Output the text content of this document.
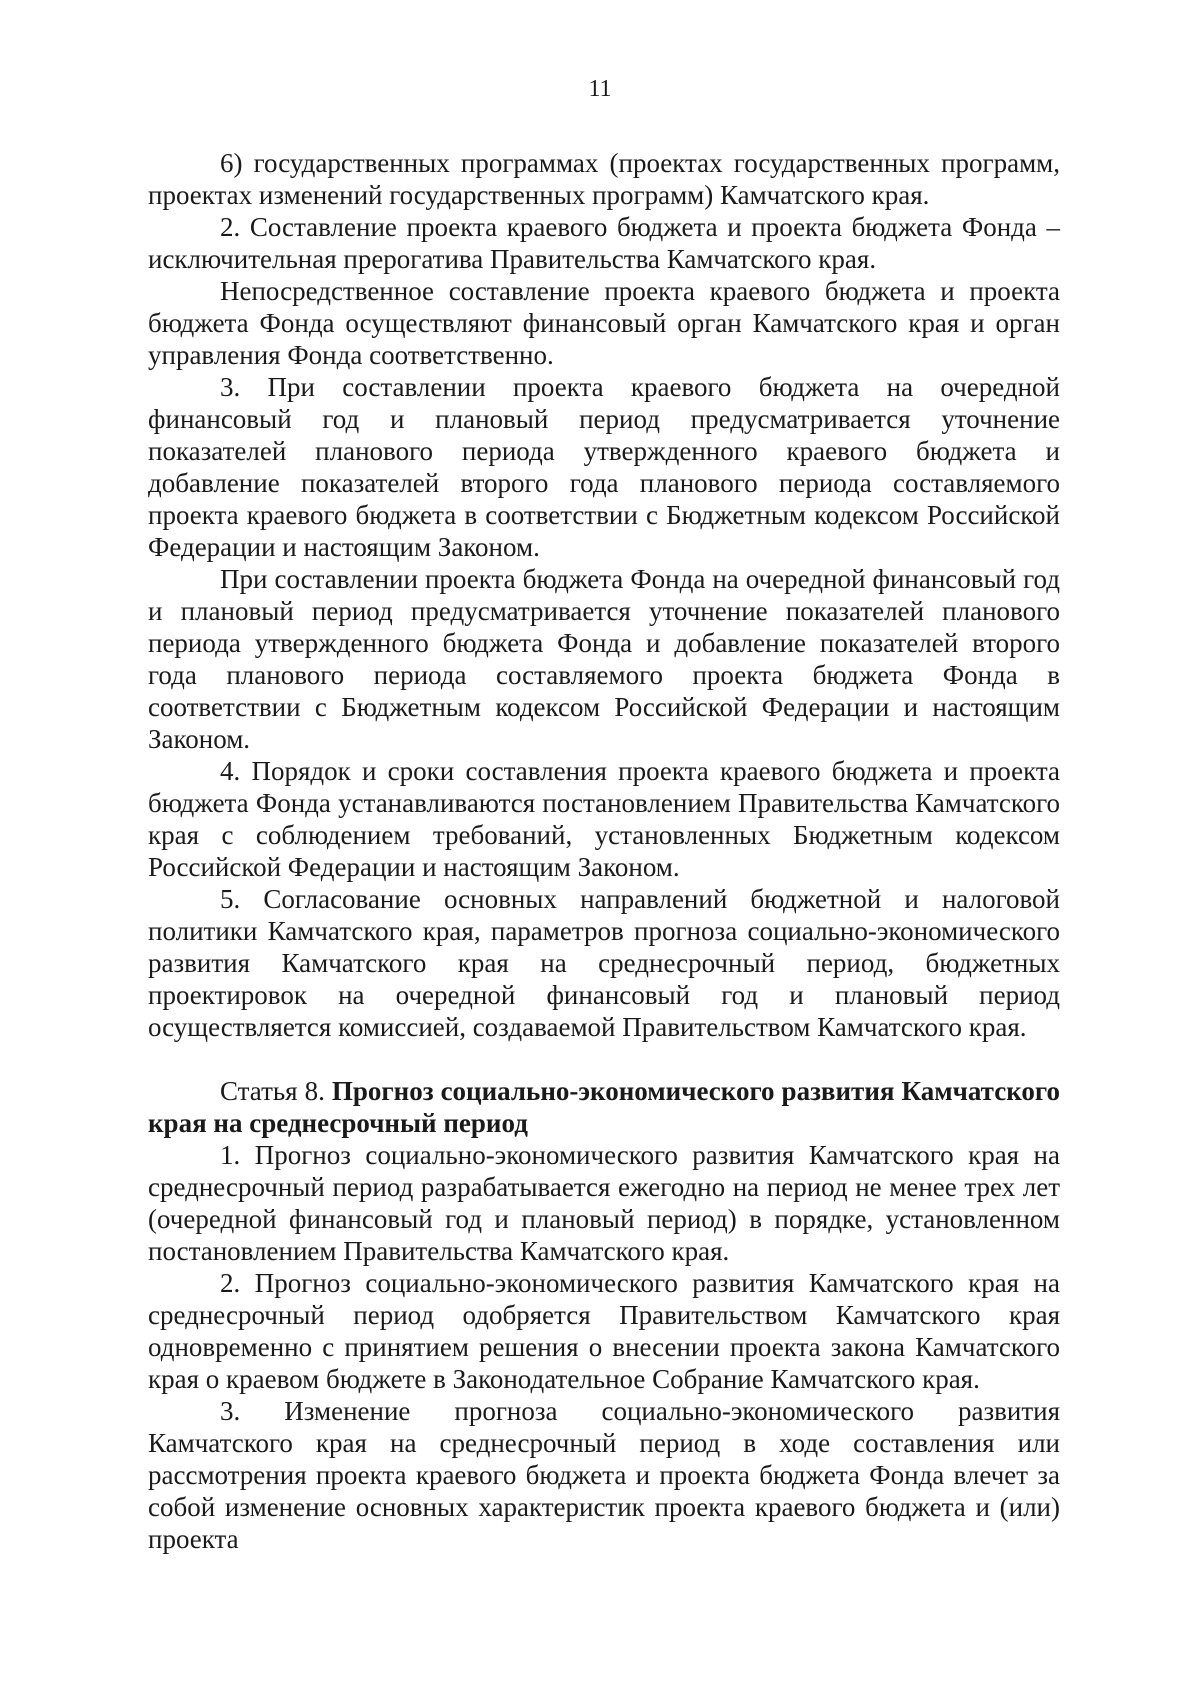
11

6) государственных программах (проектах государственных программ, проектах изменений государственных программ) Камчатского края.

2. Составление проекта краевого бюджета и проекта бюджета Фонда – исключительная прерогатива Правительства Камчатского края.

Непосредственное составление проекта краевого бюджета и проекта бюджета Фонда осуществляют финансовый орган Камчатского края и орган управления Фонда соответственно.

3. При составлении проекта краевого бюджета на очередной финансовый год и плановый период предусматривается уточнение показателей планового периода утвержденного краевого бюджета и добавление показателей второго года планового периода составляемого проекта краевого бюджета в соответствии с Бюджетным кодексом Российской Федерации и настоящим Законом.

При составлении проекта бюджета Фонда на очередной финансовый год и плановый период предусматривается уточнение показателей планового периода утвержденного бюджета Фонда и добавление показателей второго года планового периода составляемого проекта бюджета Фонда в соответствии с Бюджетным кодексом Российской Федерации и настоящим Законом.

4. Порядок и сроки составления проекта краевого бюджета и проекта бюджета Фонда устанавливаются постановлением Правительства Камчатского края с соблюдением требований, установленных Бюджетным кодексом Российской Федерации и настоящим Законом.

5. Согласование основных направлений бюджетной и налоговой политики Камчатского края, параметров прогноза социально-экономического развития Камчатского края на среднесрочный период, бюджетных проектировок на очередной финансовый год и плановый период осуществляется комиссией, создаваемой Правительством Камчатского края.

Статья 8. Прогноз социально-экономического развития Камчатского края на среднесрочный период

1. Прогноз социально-экономического развития Камчатского края на среднесрочный период разрабатывается ежегодно на период не менее трех лет (очередной финансовый год и плановый период) в порядке, установленном постановлением Правительства Камчатского края.

2. Прогноз социально-экономического развития Камчатского края на среднесрочный период одобряется Правительством Камчатского края одновременно с принятием решения о внесении проекта закона Камчатского края о краевом бюджете в Законодательное Собрание Камчатского края.

3. Изменение прогноза социально-экономического развития Камчатского края на среднесрочный период в ходе составления или рассмотрения проекта краевого бюджета и проекта бюджета Фонда влечет за собой изменение основных характеристик проекта краевого бюджета и (или) проекта
